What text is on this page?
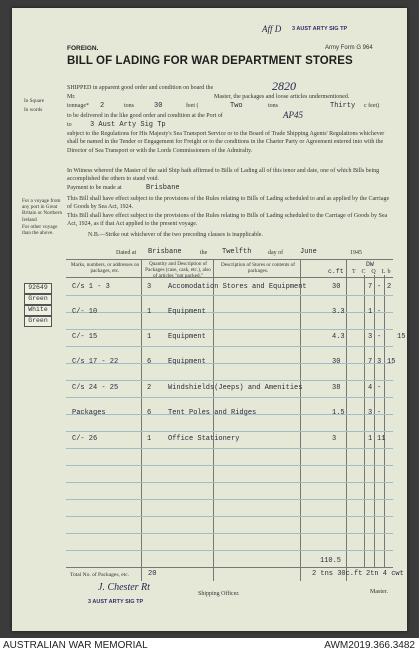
Aff D 3 AUST ARTY SIG TP
FOREIGN.	Army Form G 964
BILL OF LADING FOR WAR DEPARTMENT STORES
In Square
In words
For a voyage from any port in Great Britain or Northern Ireland
For other voyage than the above.
SHIPPED in apparent good order and condition on board the	2820
Mr.	Master, the packages and loose articles undermentioned.
tonnage* 2	tons	30	feet (	Two	tons	Thirty c feet)
to be delivered in the like good order and condition at the Port of	AP45
to	3 Aust Arty Sig Tp
subject to the Regulations for His Majesty's Sea Transport Service or to the Board of Trade Shipping Agents' Regulations whichever shall be named in the Tender or Engagement for Freight or to the conditions in the Charter Party or Agreement entered into with the Director of Sea Transport or with the Lords Commissioners of the Admiralty.
In Witness whereof the Master of the said Ship hath affirmed to Bills of Lading all of this tenor and date, one of which Bills being accomplished the others to stand void.
Payment to be made at	Brisbane
This Bill shall have effect subject to the provisions of the Rules relating to Bills of Lading scheduled to and as applied by the Carriage of Goods by Sea Act, 1924.
This Bill shall have effect subject to the provisions of the Rules relating to Bills of Lading scheduled to the Carriage of Goods by Sea Act, 1924, as if that Act applied to the present voyage.
N.B.—Strike out whichever of the two preceding clauses is inapplicable.
Dated at Brisbane	the Twelfth	day of June	1945
Marks, numbers, or addresses on packages, etc.
Quantity and Description of Packages (case, cask, etc.), also of articles "not packed."
Description of Stores or contents of packages.
DW
c.ft T C Q Lb
C/s 1 - 3	3 Accomodation Stores and Equipment	30	7 - 2
C/- 10	1 Equipment	3.3	1 -
C/- 15	1 Equipment	4.3	3 - 15
C/s 17 - 22	6 Equipment	30	7 3 15
C/s 24 - 25	2 Windshields(Jeeps) and Amenities	38	4 -
Packages	6 Tent Poles and Ridges	1.5	3 -
C/- 26	1 Office Stationery	3	1 11
92649
Green
White
Green
110.5
Total No. of Packages, etc.	20	2 tns 30c.ft 2tn 4 cwt
J. Chester Rt
3 AUST ARTY SIG TP
Shipping Officer.	Master.
AUSTRALIAN WAR MEMORIAL	AWM2019.366.3482
